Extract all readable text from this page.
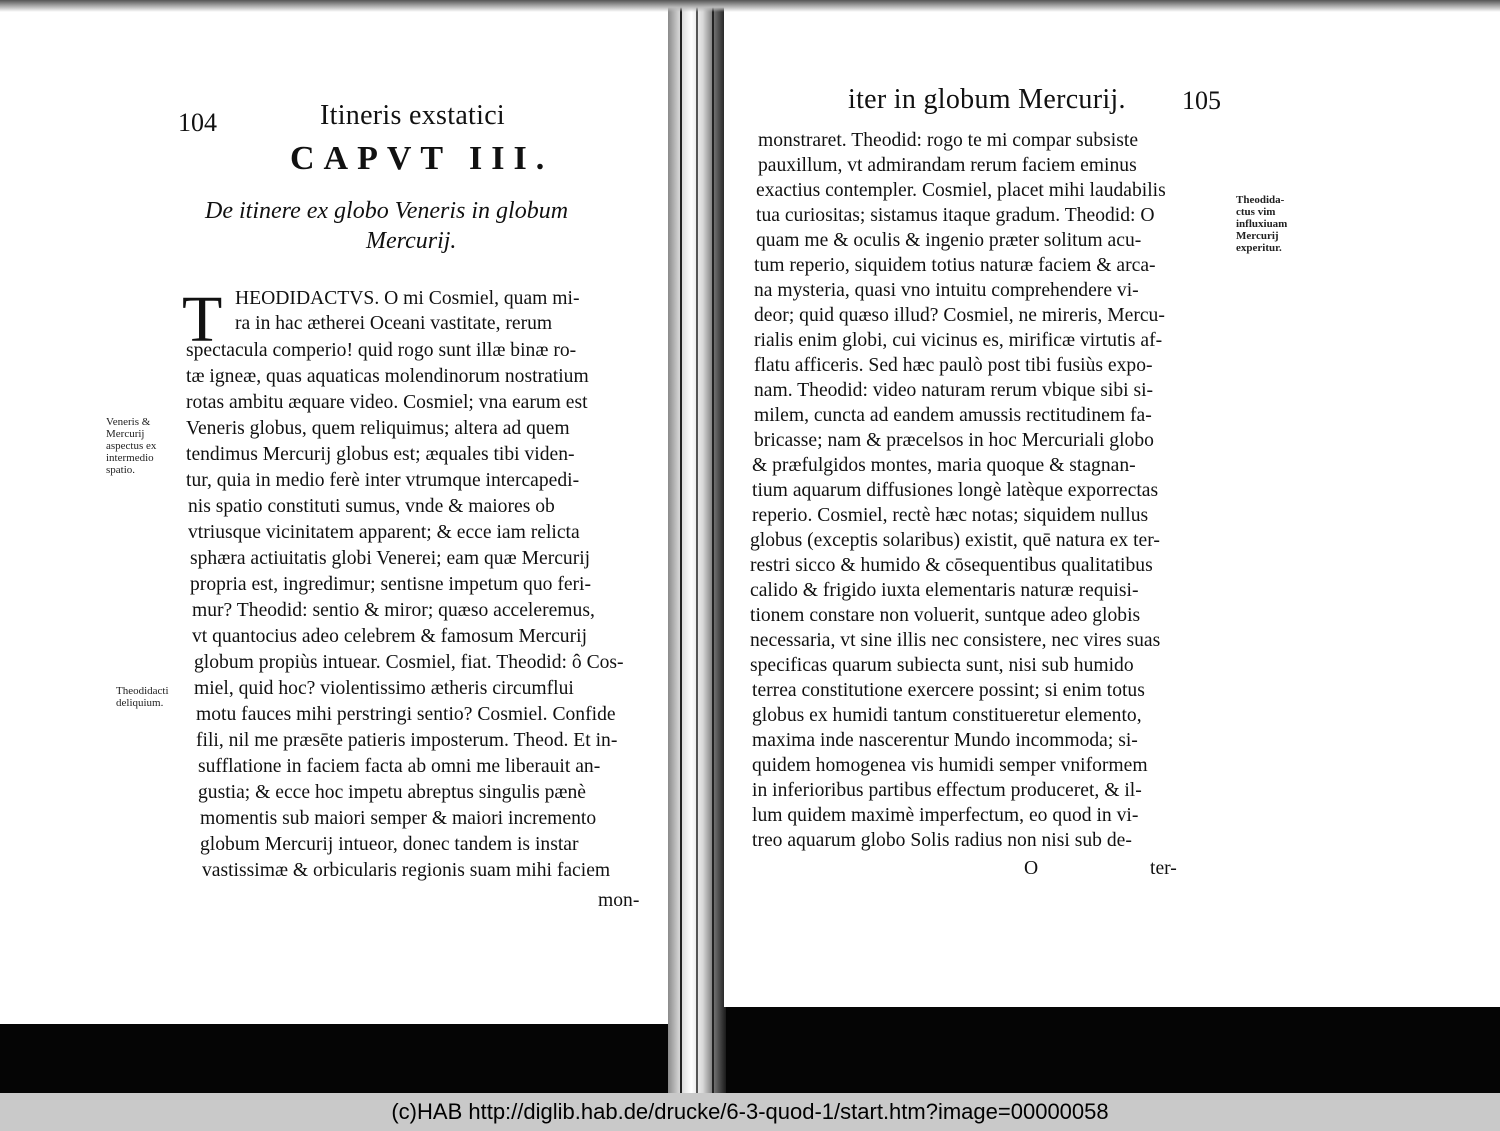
104	Itineris exstatici
CAPVT III.
De itinere ex globo Veneris in globum
Mercurij.
T HEODIDACTVS. O mi Cosmiel, quam mi-
ra in hac ætherei Oceani vastitate, rerum
spectacula comperio! quid rogo sunt illæ binæ ro-
tæ igneæ, quas aquaticas molendinorum nostratium
rotas ambitu æquare video. Cosmiel; vna earum est
Veneris globus, quem reliquimus; altera ad quem
tendimus Mercurij globus est; æquales tibi viden-
tur, quia in medio ferè inter vtrumque intercapedi-
nis spatio constituti sumus, vnde & maiores ob
vtriusque vicinitatem apparent; & ecce iam relicta
sphæra actiuitatis globi Venerei; eam quæ Mercurij
propria est, ingredimur; sentisne impetum quo feri-
mur? Theodid: sentio & miror; quæso acceleremus,
vt quantocius adeo celebrem & famosum Mercurij
globum propiùs intuear. Cosmiel, fiat. Theodid: ô Cos-
miel, quid hoc? violentissimo ætheris circumflui
motu fauces mihi perstringi sentio? Cosmiel. Confide
fili, nil me præsēte patieris imposterum. Theod. Et in-
sufflatione in faciem facta ab omni me liberauit an-
gustia; & ecce hoc impetu abreptus singulis pænè
momentis sub maiori semper & maiori incremento
globum Mercurij intueor, donec tandem is instar
vastissimæ & orbicularis regionis suam mihi faciem
mon-
Veneris &
Mercurij
aspectus ex
intermedio
spatio.
Theodidacti
deliquium.
iter in globum Mercurij. 105
monstraret. Theodid: rogo te mi compar subsiste
pauxillum, vt admirandam rerum faciem eminus
exactius contempler. Cosmiel, placet mihi laudabilis
tua curiositas; sistamus itaque gradum. Theodid: O
quam me & oculis & ingenio præter solitum acu-
tum reperio, siquidem totius naturæ faciem & arca-
na mysteria, quasi vno intuitu comprehendere vi-
deor; quid quæso illud? Cosmiel, ne mireris, Mercu-
rialis enim globi, cui vicinus es, mirificæ virtutis af-
flatu afficeris. Sed hæc paulò post tibi fusiùs expo-
nam. Theodid: video naturam rerum vbique sibi si-
milem, cuncta ad eandem amussis rectitudinem fa-
bricasse; nam & præcelsos in hoc Mercuriali globo
& præfulgidos montes, maria quoque & stagnan-
tium aquarum diffusiones longè latèque exporrectas
reperio. Cosmiel, rectè hæc notas; siquidem nullus
globus (exceptis solaribus) existit, quē natura ex ter-
restri sicco & humido & cōsequentibus qualitatibus
calido & frigido iuxta elementaris naturæ requisi-
tionem constare non voluerit, suntque adeo globis
necessaria, vt sine illis nec consistere, nec vires suas
specificas quarum subiecta sunt, nisi sub humido
terrea constitutione exercere possint; si enim totus
globus ex humidi tantum constitueretur elemento,
maxima inde nascerentur Mundo incommoda; si-
quidem homogenea vis humidi semper vniformem
in inferioribus partibus effectum produceret, & il-
lum quidem maximè imperfectum, eo quod in vi-
treo aquarum globo Solis radius non nisi sub de-
O	ter-
Theodida-
ctus vim
influxiuam
Mercurij
experitur.
(c)HAB http://diglib.hab.de/drucke/6-3-quod-1/start.htm?image=00000058
